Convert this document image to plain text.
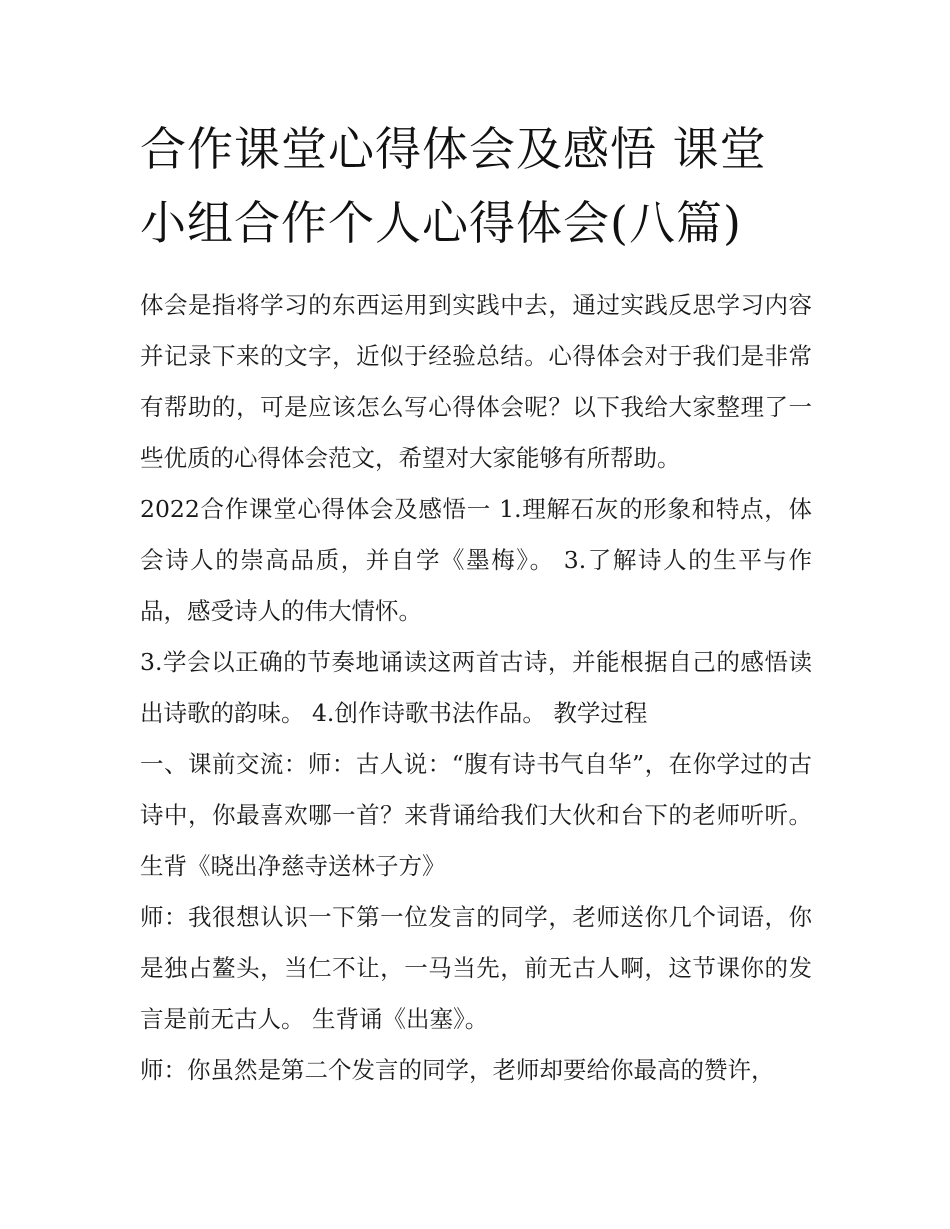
合作课堂心得体会及感悟 课堂小组合作个人心得体会(八篇)

体会是指将学习的东西运用到实践中去，通过实践反思学习内容并记录下来的文字，近似于经验总结。心得体会对于我们是非常有帮助的，可是应该怎么写心得体会呢？以下我给大家整理了一些优质的心得体会范文，希望对大家能够有所帮助。

2022合作课堂心得体会及感悟一 1.理解石灰的形象和特点，体会诗人的崇高品质，并自学《墨梅》。 3.了解诗人的生平与作品，感受诗人的伟大情怀。

3.学会以正确的节奏地诵读这两首古诗，并能根据自己的感悟读出诗歌的韵味。 4.创作诗歌书法作品。 教学过程

一、课前交流：师：古人说：“腹有诗书气自华”，在你学过的古诗中，你最喜欢哪一首？来背诵给我们大伙和台下的老师听听。 生背《晓出净慈寺送林子方》

师：我很想认识一下第一位发言的同学，老师送你几个词语，你是独占鳌头，当仁不让，一马当先，前无古人啊，这节课你的发言是前无古人。 生背诵《出塞》。

师：你虽然是第二个发言的同学，老师却要给你最高的赞许，
